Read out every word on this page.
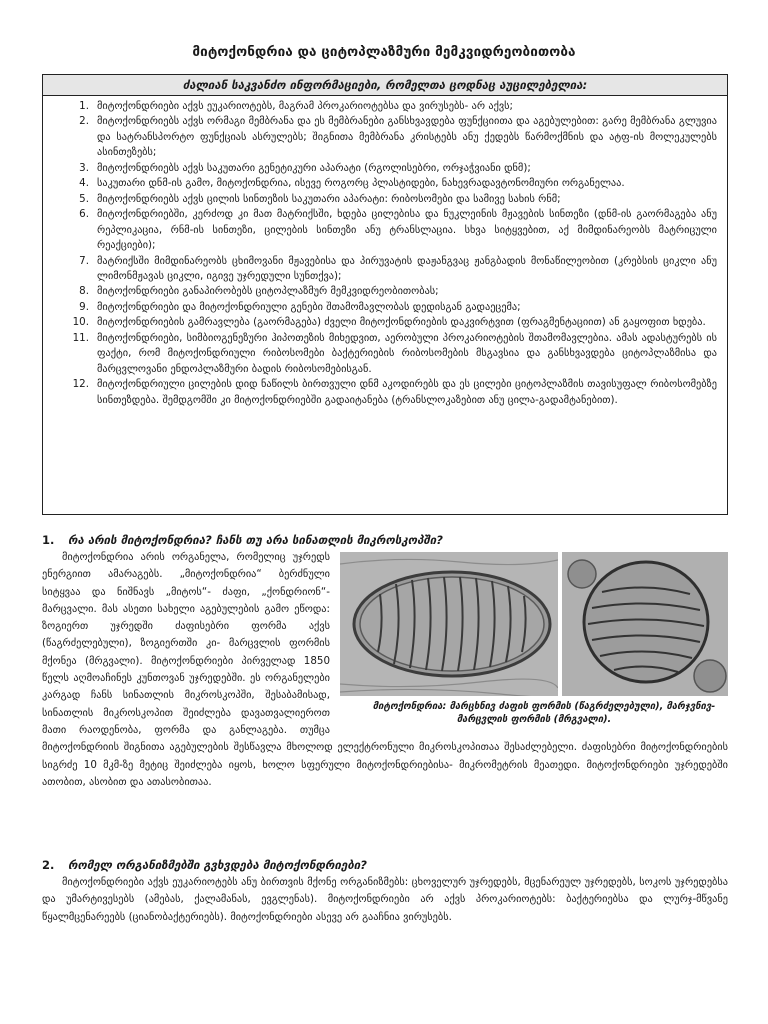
მიტოქონდრია და ციტოპლაზმური მემკვიდრეობითობა
ძალიან საკვანძო ინფორმაციები, რომელთა ცოდნაც აუცილებელია:
1. მიტოქონდრიები აქვს ეუკარიოტებს, მაგრამ პროკარიოტებსა და ვირუსებს- არ აქვს;
2. მიტოქონდრიებს აქვს ორმაგი მემბრანა და ეს მემბრანები განსხვავდება ფუნქციითა და აგებულებით: გარე მემბრანა გლუვია და სატრანსპორტო ფუნქციას ასრულებს; შიგნითა მემბრანა კრისტებს ანუ ქედებს წარმოქმნის და ატფ-ის მოლეკულებს ასინთეზებს;
3. მიტოქონდრიებს აქვს საკუთარი გენეტიკური აპარატი (რგოლისებრი, ორჯაჭვიანი დნმ);
4. საკუთარი დნმ-ის გამო, მიტოქონდრია, ისევე როგორც პლასტიდები, ნახევრადავტონომიური ორგანელაა.
5. მიტოქონდრიებს აქვს ცილის სინთეზის საკუთარი აპარატი: რიბოსომები და სამივე სახის რნმ;
6. მიტოქონდრიებში, კერძოდ კი მათ მატრიქსში, ხდება ცილებისა და ნუკლეინის მჟავების სინთეზი (დნმ-ის გაორმაგება ანუ რეპლიკაცია, რნმ-ის სინთეზი, ცილების სინთეზი ანუ ტრანსლაცია. სხვა სიტყვებით, აქ მიმდინარეობს მატრიცული რეაქციები);
7. მატრიქსში მიმდინარეობს ცხიმოვანი მჟავებისა და პირუვატის დაჟანგვაც ჟანგბადის მონაწილეობით (კრებსის ციკლი ანუ ლიმონმჟავას ციკლი, იგივე უჯრედული სუნთქვა);
8. მიტოქონდრიები განაპირობებს ციტოპლაზმურ მემკვიდრეობითობას;
9. მიტოქონდრიები და მიტოქონდრიული გენები შთამომავლობას დედისგან გადაეცემა;
10. მიტოქონდრიების გამრავლება (გაორმაგება) ძველი მიტოქონდრიების დაკვირტვით (ფრაგმენტაციით) ან გაყოფით ხდება.
11. მიტოქონდრიები, სიმბიოგენეზური ჰიპოთეზის მიხედვით, აერობული პროკარიოტების შთამომავლებია. ამას ადასტურებს ის ფაქტი, რომ მიტოქონდრიული რიბოსომები ბაქტერიების რიბოსომების მსგავსია და განსხვავდება ციტოპლაზმისა და მარცვლოვანი ენდოპლაზმური ბადის რიბოსომებისგან.
12. მიტოქონდრიული ცილების დიდ ნაწილს ბირთვული დნმ აკოდირებს და ეს ცილები ციტოპლაზმის თავისუფალ რიბოსომებზე სინთეზდება. შემდგომში კი მიტოქონდრიებში გადაიტანება (ტრანსლოკაზებით ანუ ცილა-გადამტანებით).
1. რა არის მიტოქონდრია? ჩანს თუ არა სინათლის მიკროსკოპში?
მიტოქონდრია: მარცხნივ ძაფის ფორმის (წაგრძელებული), მარჯვნივ- მარცვლის ფორმის (მრგვალი).
მიტოქონდრია არის ორგანელა, რომელიც უჯრედს ენერგიით ამარაგებს. „მიტოქონდრია“ ბერძნული სიტყვაა და ნიშნავს „მიტოს“- ძაფი, „ქონდრიონ“- მარცვალი. მას ასეთი სახელი აგებულების გამო ეწოდა: ზოგიერთ უჯრედში ძაფისებრი ფორმა აქვს (წაგრძელებული), ზოგიერთში კი- მარცვლის ფორმის მქონეა (მრგვალი). მიტოქონდრიები პირველად 1850 წელს აღმოაჩინეს კუნთოვან უჯრედებში. ეს ორგანელები კარგად ჩანს სინათლის მიკროსკოპში, შესაბამისად, სინათლის მიკროსკოპით შეიძლება დავათვალიეროთ მათი რაოდენობა, ფორმა და განლაგება. თუმცა მიტოქონდრიის შიგნითა აგებულების შესწავლა მხოლოდ ელექტრონული მიკროსკოპითაა შესაძლებელი. ძაფისებრი მიტოქონდრიების სიგრძე 10 მკმ-ზე მეტიც შეიძლება იყოს, ხოლო სფერული მიტოქონდრიებისა- მიკრომეტრის მეათედი. მიტოქონდრიები უჯრედებში ათობით, ასობით და ათასობითაა.
2. რომელ ორგანიზმებში გვხვდება მიტოქონდრიები?
მიტოქონდრიები აქვს ეუკარიოტებს ანუ ბირთვის მქონე ორგანიზმებს: ცხოველურ უჯრედებს, მცენარეულ უჯრედებს, სოკოს უჯრედებსა და უმარტივესებს (ამებას, ქალამანას, ევგლენას). მიტოქონდრიები არ აქვს პროკარიოტებს: ბაქტერიებსა და ლურჯ-მწვანე წყალმცენარეებს (ციანობაქტერიებს). მიტოქონდრიები ასევე არ გააჩნია ვირუსებს.
